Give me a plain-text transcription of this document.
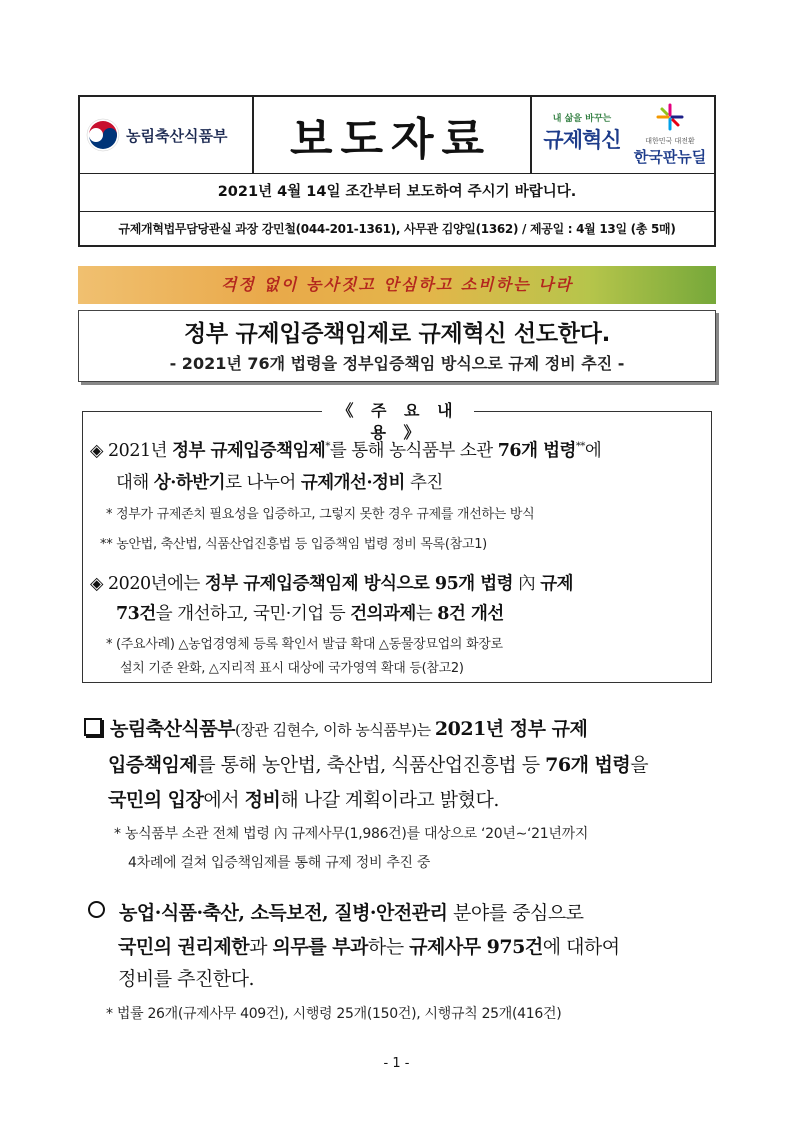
농림축산식품부	보도자료	내 삶을 바꾸는
규제혁신	대한민국 대전환
한국판뉴딜
2021년 4월 14일 조간부터 보도하여 주시기 바랍니다.
규제개혁법무담당관실 과장 강민철(044-201-1361), 사무관 김양일(1362) / 제공일 : 4월 13일 (총 5매)
걱정 없이 농사짓고 안심하고 소비하는 나라
정부 규제입증책임제로 규제혁신 선도한다.
- 2021년 76개 법령을 정부입증책임 방식으로 규제 정비 추진 -
《 주 요 내 용 》
◈ 2021년 정부 규제입증책임제*를 통해 농식품부 소관 76개 법령**에
대해 상·하반기로 나누어 규제개선·정비 추진
* 정부가 규제존치 필요성을 입증하고, 그렇지 못한 경우 규제를 개선하는 방식
** 농안법, 축산법, 식품산업진흥법 등 입증책임 법령 정비 목록(참고1)
◈ 2020년에는 정부 규제입증책임제 방식으로 95개 법령 內 규제
73건을 개선하고, 국민·기업 등 건의과제는 8건 개선
* (주요사례) △농업경영체 등록 확인서 발급 확대 △동물장묘업의 화장로
설치 기준 완화, △지리적 표시 대상에 국가영역 확대 등(참고2)
농림축산식품부(장관 김현수, 이하 농식품부)는 2021년 정부 규제
입증책임제를 통해 농안법, 축산법, 식품산업진흥법 등 76개 법령을
국민의 입장에서 정비해 나갈 계획이라고 밝혔다.
* 농식품부 소관 전체 법령 內 규제사무(1,986건)를 대상으로 ‘20년∼‘21년까지
4차례에 걸쳐 입증책임제를 통해 규제 정비 추진 중
농업·식품·축산, 소득보전, 질병·안전관리 분야를 중심으로
국민의 권리제한과 의무를 부과하는 규제사무 975건에 대하여
정비를 추진한다.
* 법률 26개(규제사무 409건), 시행령 25개(150건), 시행규칙 25개(416건)
- 1 -
